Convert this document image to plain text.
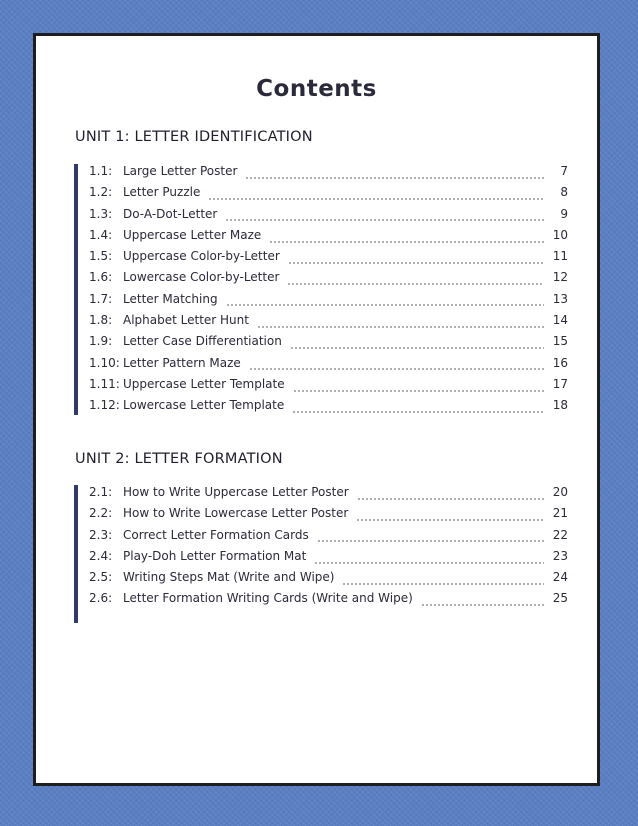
Contents
UNIT 1: LETTER IDENTIFICATION
1.1: Large Letter Poster	7
1.2: Letter Puzzle	8
1.3: Do-A-Dot-Letter	9
1.4: Uppercase Letter Maze	10
1.5: Uppercase Color-by-Letter	11
1.6: Lowercase Color-by-Letter	12
1.7: Letter Matching	13
1.8: Alphabet Letter Hunt	14
1.9: Letter Case Differentiation	15
1.10: Letter Pattern Maze	16
1.11: Uppercase Letter Template	17
1.12: Lowercase Letter Template	18
UNIT 2: LETTER FORMATION
2.1: How to Write Uppercase Letter Poster	20
2.2: How to Write Lowercase Letter Poster	21
2.3: Correct Letter Formation Cards	22
2.4: Play-Doh Letter Formation Mat	23
2.5: Writing Steps Mat (Write and Wipe)	24
2.6: Letter Formation Writing Cards (Write and Wipe)	25
